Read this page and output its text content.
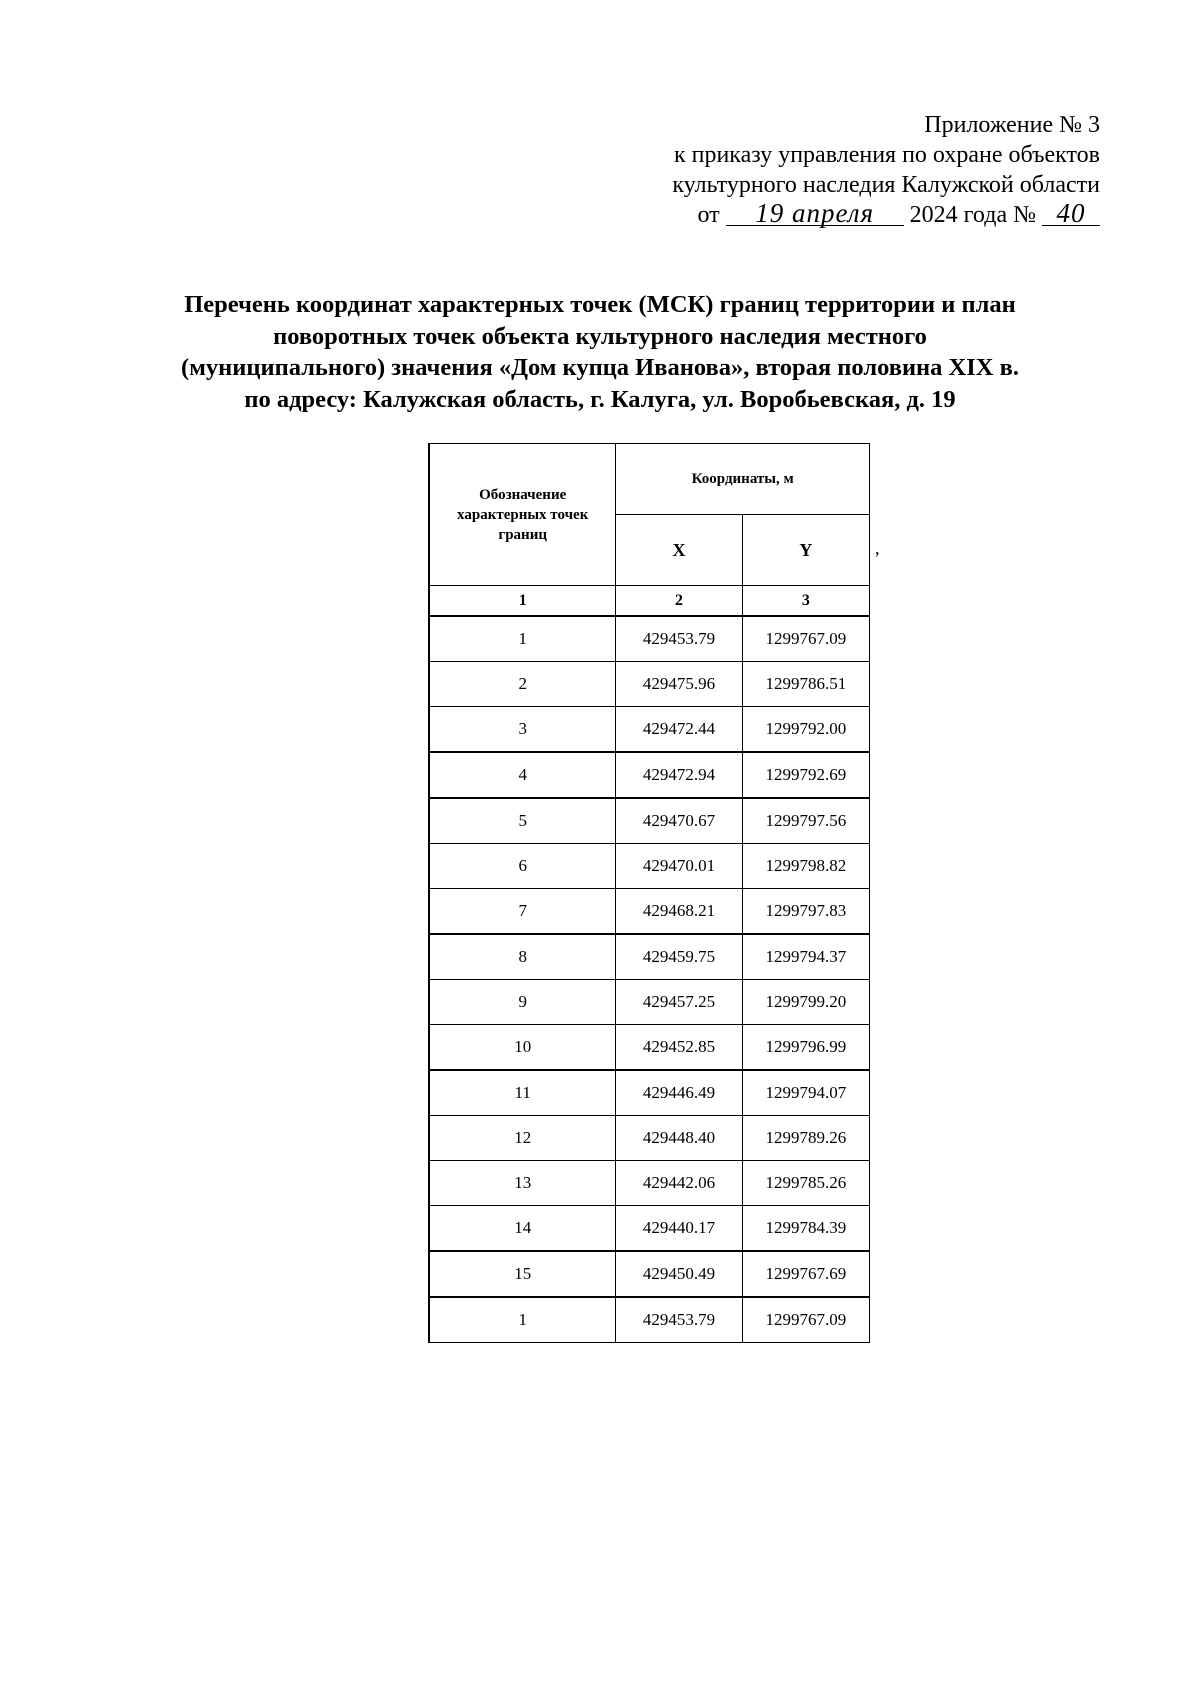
Приложение № 3
к приказу управления по охране объектов
культурного наследия Калужской области
от 19 апреля 2024 года № 40
Перечень координат характерных точек (МСК) границ территории и план
поворотных точек объекта культурного наследия местного
(муниципального) значения «Дом купца Иванова», вторая половина XIX в.
по адресу: Калужская область, г. Калуга, ул. Воробьевская, д. 19
Обозначение характерных точек границ	Координаты, м	
	X	Y
1	2	3
1	429453.79	1299767.09
2	429475.96	1299786.51
3	429472.44	1299792.00
4	429472.94	1299792.69
5	429470.67	1299797.56
6	429470.01	1299798.82
7	429468.21	1299797.83
8	429459.75	1299794.37
9	429457.25	1299799.20
10	429452.85	1299796.99
11	429446.49	1299794.07
12	429448.40	1299789.26
13	429442.06	1299785.26
14	429440.17	1299784.39
15	429450.49	1299767.69
1	429453.79	1299767.09
,
